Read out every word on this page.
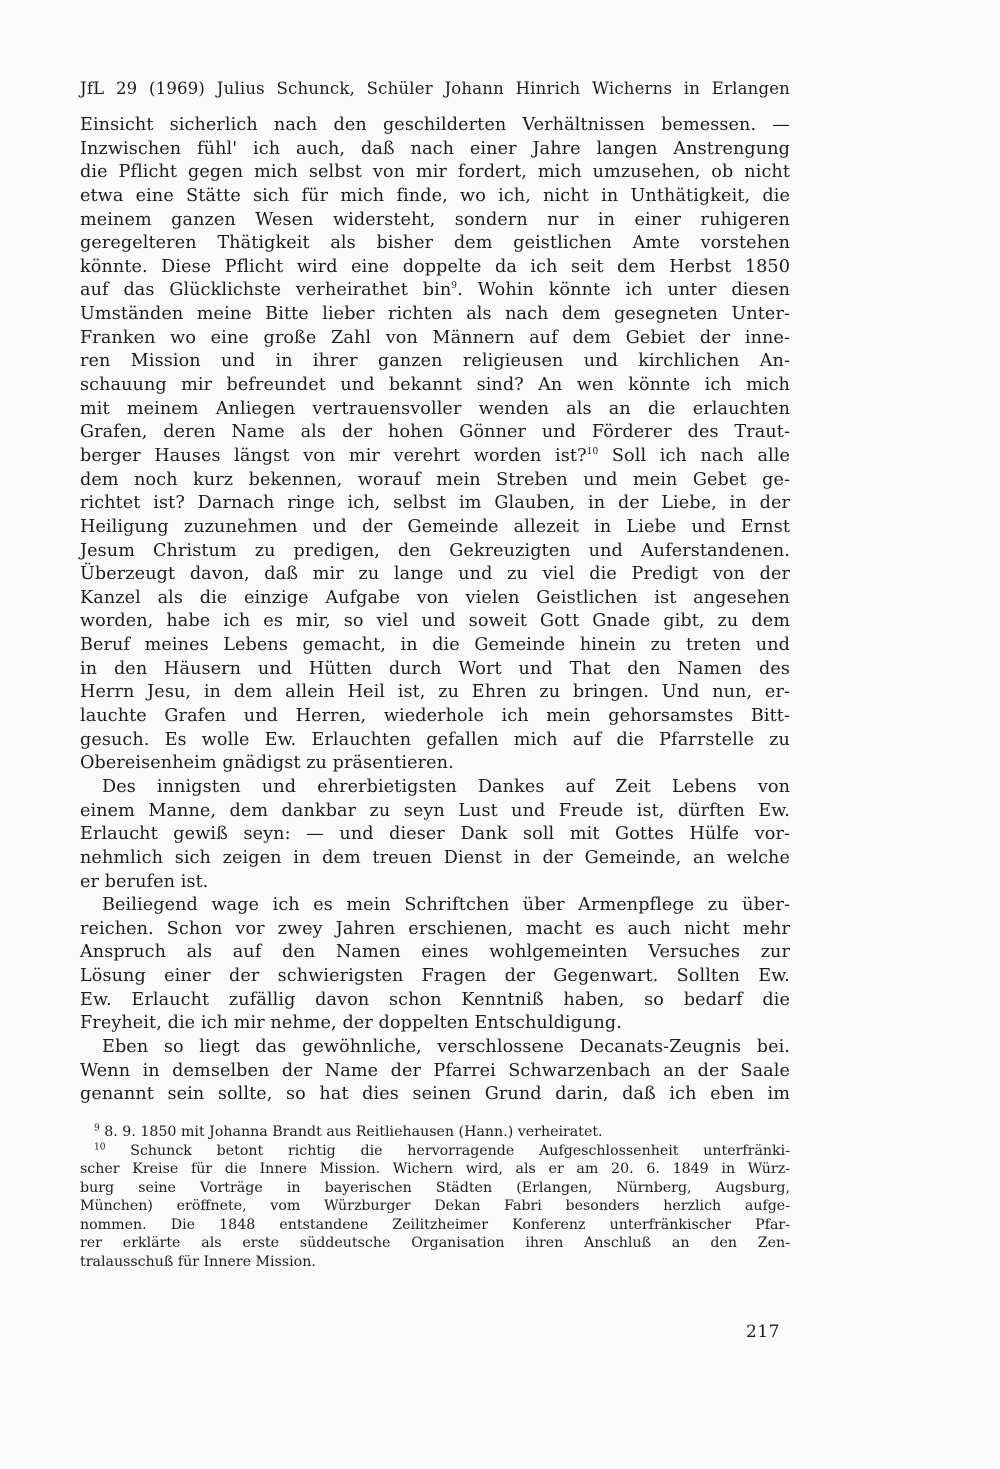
JfL 29 (1969) Julius Schunck, Schüler Johann Hinrich Wicherns in Erlangen
Einsicht sicherlich nach den geschilderten Verhältnissen bemessen. —
Inzwischen fühl' ich auch, daß nach einer Jahre langen Anstrengung
die Pflicht gegen mich selbst von mir fordert, mich umzusehen, ob nicht
etwa eine Stätte sich für mich finde, wo ich, nicht in Unthätigkeit, die
meinem ganzen Wesen widersteht, sondern nur in einer ruhigeren
geregelteren Thätigkeit als bisher dem geistlichen Amte vorstehen
könnte. Diese Pflicht wird eine doppelte da ich seit dem Herbst 1850
auf das Glücklichste verheirathet bin$^9$. Wohin könnte ich unter diesen
Umständen meine Bitte lieber richten als nach dem gesegneten Unter-
Franken wo eine große Zahl von Männern auf dem Gebiet der inne-
ren Mission und in ihrer ganzen religieusen und kirchlichen An-
schauung mir befreundet und bekannt sind? An wen könnte ich mich
mit meinem Anliegen vertrauensvoller wenden als an die erlauchten
Grafen, deren Name als der hohen Gönner und Förderer des Traut-
berger Hauses längst von mir verehrt worden ist?$^{10}$ Soll ich nach alle
dem noch kurz bekennen, worauf mein Streben und mein Gebet ge-
richtet ist? Darnach ringe ich, selbst im Glauben, in der Liebe, in der
Heiligung zuzunehmen und der Gemeinde allezeit in Liebe und Ernst
Jesum Christum zu predigen, den Gekreuzigten und Auferstandenen.
Überzeugt davon, daß mir zu lange und zu viel die Predigt von der
Kanzel als die einzige Aufgabe von vielen Geistlichen ist angesehen
worden, habe ich es mir, so viel und soweit Gott Gnade gibt, zu dem
Beruf meines Lebens gemacht, in die Gemeinde hinein zu treten und
in den Häusern und Hütten durch Wort und That den Namen des
Herrn Jesu, in dem allein Heil ist, zu Ehren zu bringen. Und nun, er-
lauchte Grafen und Herren, wiederhole ich mein gehorsamstes Bitt-
gesuch. Es wolle Ew. Erlauchten gefallen mich auf die Pfarrstelle zu
Obereisenheim gnädigst zu präsentieren.
Des innigsten und ehrerbietigsten Dankes auf Zeit Lebens von
einem Manne, dem dankbar zu seyn Lust und Freude ist, dürften Ew.
Erlaucht gewiß seyn: — und dieser Dank soll mit Gottes Hülfe vor-
nehmlich sich zeigen in dem treuen Dienst in der Gemeinde, an welche
er berufen ist.
Beiliegend wage ich es mein Schriftchen über Armenpflege zu über-
reichen. Schon vor zwey Jahren erschienen, macht es auch nicht mehr
Anspruch als auf den Namen eines wohlgemeinten Versuches zur
Lösung einer der schwierigsten Fragen der Gegenwart. Sollten Ew.
Ew. Erlaucht zufällig davon schon Kenntniß haben, so bedarf die
Freyheit, die ich mir nehme, der doppelten Entschuldigung.
Eben so liegt das gewöhnliche, verschlossene Decanats-Zeugnis bei.
Wenn in demselben der Name der Pfarrei Schwarzenbach an der Saale
genannt sein sollte, so hat dies seinen Grund darin, daß ich eben im
$^9$ 8. 9. 1850 mit Johanna Brandt aus Reitliehausen (Hann.) verheiratet.
$^{10}$ Schunck betont richtig die hervorragende Aufgeschlossenheit unterfränki-
scher Kreise für die Innere Mission. Wichern wird, als er am 20. 6. 1849 in Würz-
burg seine Vorträge in bayerischen Städten (Erlangen, Nürnberg, Augsburg,
München) eröffnete, vom Würzburger Dekan Fabri besonders herzlich aufge-
nommen. Die 1848 entstandene Zeilitzheimer Konferenz unterfränkischer Pfar-
rer erklärte als erste süddeutsche Organisation ihren Anschluß an den Zen-
tralausschuß für Innere Mission.
217
